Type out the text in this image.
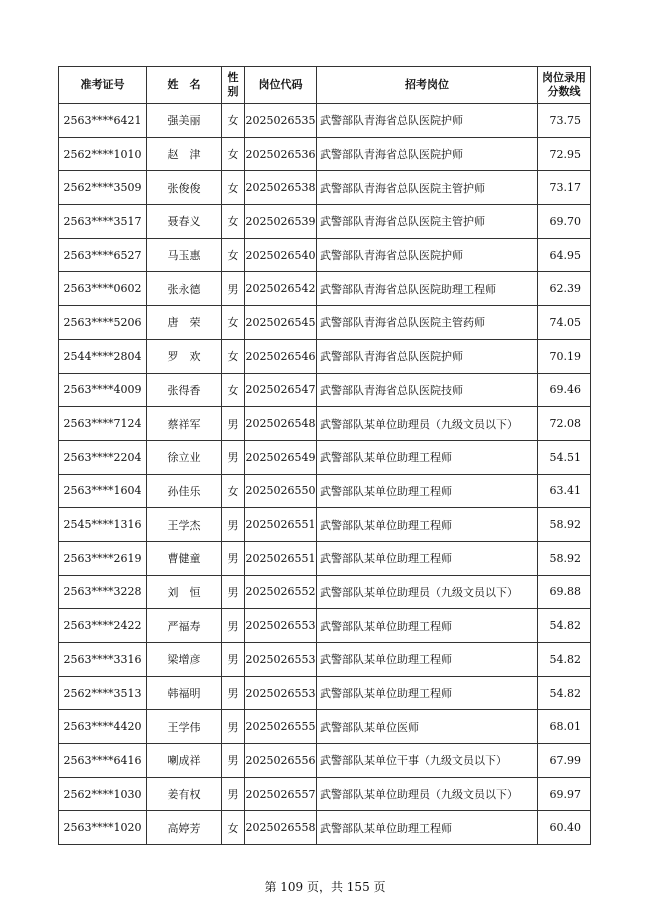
准考证号	姓　名	性别	岗位代码	招考岗位	岗位录用分数线
2563****6421	强美丽	女	2025026535	武警部队青海省总队医院护师	73.75
2562****1010	赵　津	女	2025026536	武警部队青海省总队医院护师	72.95
2562****3509	张俊俊	女	2025026538	武警部队青海省总队医院主管护师	73.17
2563****3517	聂春义	女	2025026539	武警部队青海省总队医院主管护师	69.70
2563****6527	马玉惠	女	2025026540	武警部队青海省总队医院护师	64.95
2563****0602	张永德	男	2025026542	武警部队青海省总队医院助理工程师	62.39
2563****5206	唐　荣	女	2025026545	武警部队青海省总队医院主管药师	74.05
2544****2804	罗　欢	女	2025026546	武警部队青海省总队医院护师	70.19
2563****4009	张得香	女	2025026547	武警部队青海省总队医院技师	69.46
2563****7124	蔡祥军	男	2025026548	武警部队某单位助理员（九级文员以下）	72.08
2563****2204	徐立业	男	2025026549	武警部队某单位助理工程师	54.51
2563****1604	孙佳乐	女	2025026550	武警部队某单位助理工程师	63.41
2545****1316	王学杰	男	2025026551	武警部队某单位助理工程师	58.92
2563****2619	曹健童	男	2025026551	武警部队某单位助理工程师	58.92
2563****3228	刘　恒	男	2025026552	武警部队某单位助理员（九级文员以下）	69.88
2563****2422	严福寿	男	2025026553	武警部队某单位助理工程师	54.82
2563****3316	梁增彦	男	2025026553	武警部队某单位助理工程师	54.82
2562****3513	韩福明	男	2025026553	武警部队某单位助理工程师	54.82
2563****4420	王学伟	男	2025026555	武警部队某单位医师	68.01
2563****6416	喇成祥	男	2025026556	武警部队某单位干事（九级文员以下）	67.99
2562****1030	姜有权	男	2025026557	武警部队某单位助理员（九级文员以下）	69.97
2563****1020	高婷芳	女	2025026558	武警部队某单位助理工程师	60.40
第 109 页，共 155 页
